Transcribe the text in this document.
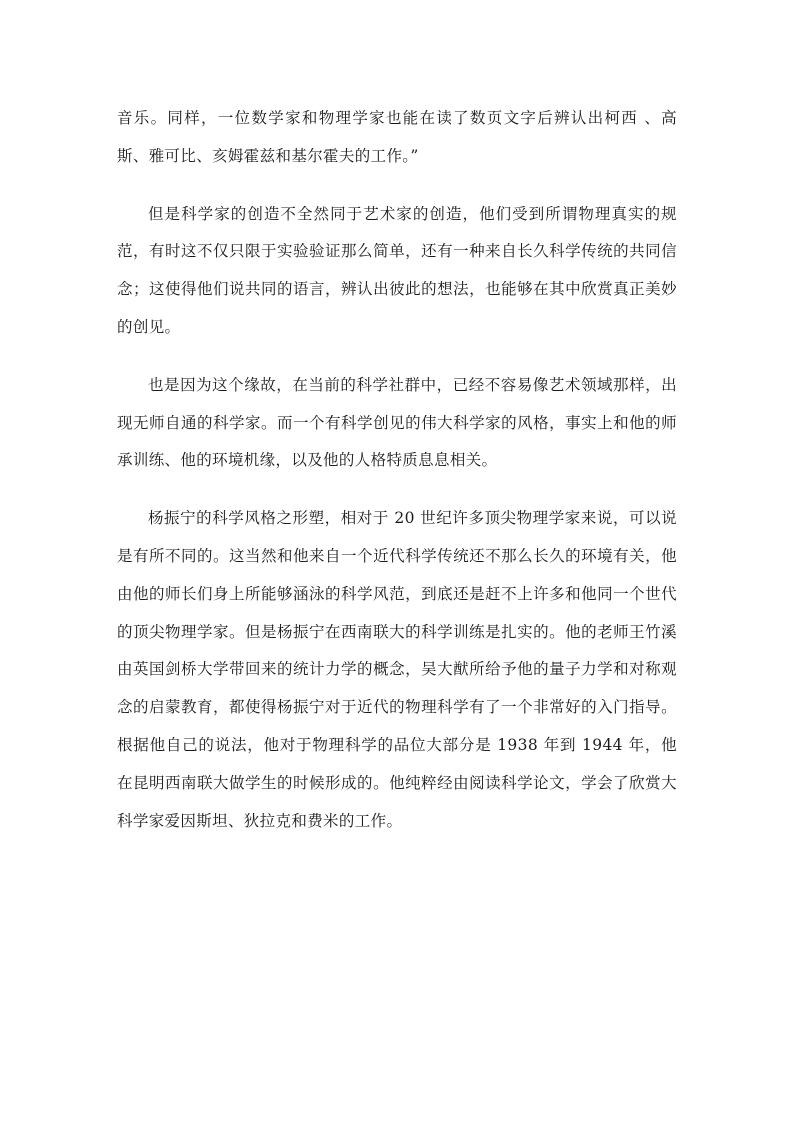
音乐。同样，一位数学家和物理学家也能在读了数页文字后辨认出柯西 、高斯、雅可比、亥姆霍兹和基尔霍夫的工作。”

但是科学家的创造不全然同于艺术家的创造，他们受到所谓物理真实的规范，有时这不仅只限于实验验证那么简单，还有一种来自长久科学传统的共同信念；这使得他们说共同的语言，辨认出彼此的想法，也能够在其中欣赏真正美妙的创见。

也是因为这个缘故，在当前的科学社群中，已经不容易像艺术领域那样，出现无师自通的科学家。而一个有科学创见的伟大科学家的风格，事实上和他的师承训练、他的环境机缘，以及他的人格特质息息相关。

杨振宁的科学风格之形塑，相对于 20 世纪许多顶尖物理学家来说，可以说是有所不同的。这当然和他来自一个近代科学传统还不那么长久的环境有关，他由他的师长们身上所能够涵泳的科学风范，到底还是赶不上许多和他同一个世代的顶尖物理学家。但是杨振宁在西南联大的科学训练是扎实的。他的老师王竹溪由英国剑桥大学带回来的统计力学的概念，吴大猷所给予他的量子力学和对称观念的启蒙教育，都使得杨振宁对于近代的物理科学有了一个非常好的入门指导。根据他自己的说法，他对于物理科学的品位大部分是 1938 年到 1944 年，他在昆明西南联大做学生的时候形成的。他纯粹经由阅读科学论文，学会了欣赏大科学家爱因斯坦、狄拉克和费米的工作。
